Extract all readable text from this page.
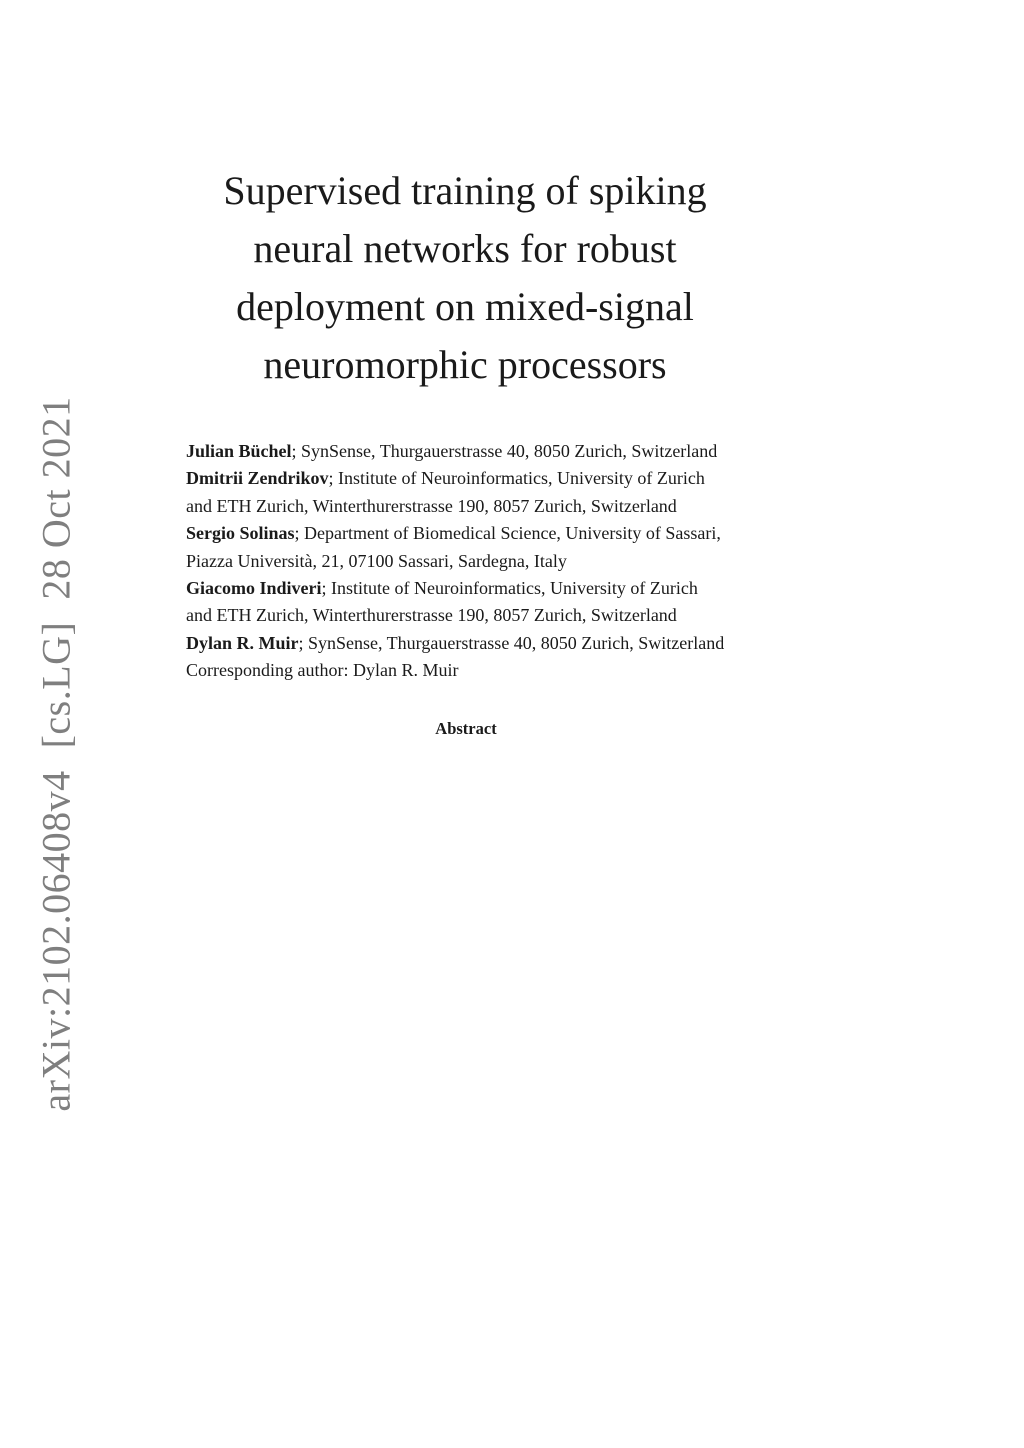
arXiv:2102.06408v4[cs.LG]28 Oct 2021
Supervised training of spiking
neural networks for robust
deployment on mixed-signal
neuromorphic processors
Julian Büchel; SynSense, Thurgauerstrasse 40, 8050 Zurich, Switzerland
Dmitrii Zendrikov; Institute of Neuroinformatics, University of Zurich
and ETH Zurich, Winterthurerstrasse 190, 8057 Zurich, Switzerland
Sergio Solinas; Department of Biomedical Science, University of Sassari,
Piazza Università, 21, 07100 Sassari, Sardegna, Italy
Giacomo Indiveri; Institute of Neuroinformatics, University of Zurich
and ETH Zurich, Winterthurerstrasse 190, 8057 Zurich, Switzerland
Dylan R. Muir; SynSense, Thurgauerstrasse 40, 8050 Zurich, Switzerland
Corresponding author: Dylan R. Muir
Abstract
